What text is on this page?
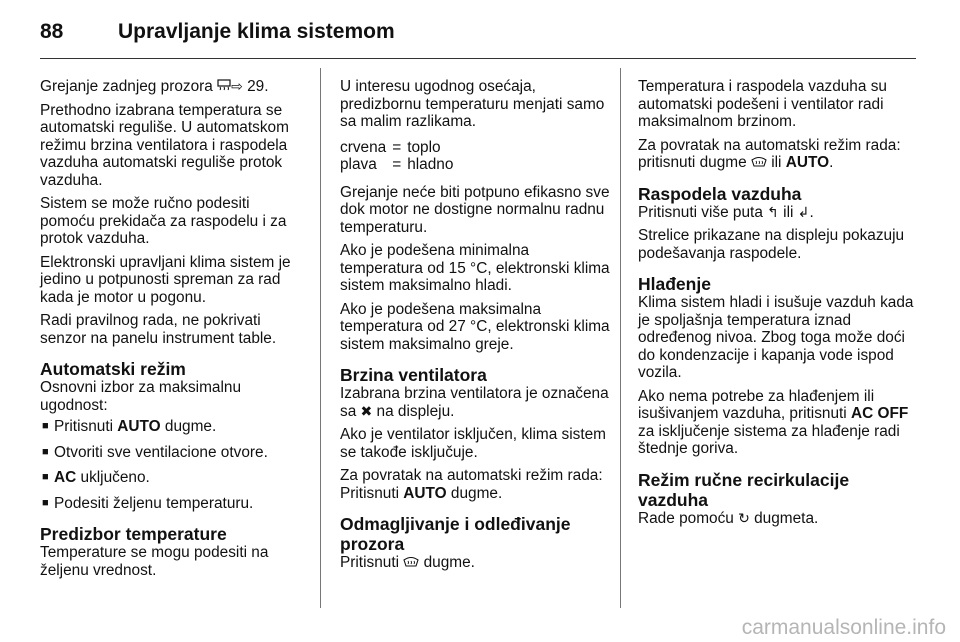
88	Upravljanje klima sistemom

Grejanje zadnjeg prozora ⇨ 29.

Prethodno izabrana temperatura se automatski reguliše. U automatskom režimu brzina ventilatora i raspodela vazduha automatski reguliše protok vazduha.

Sistem se može ručno podesiti pomoću prekidača za raspodelu i za protok vazduha.

Elektronski upravljani klima sistem je jedino u potpunosti spreman za rad kada je motor u pogonu.

Radi pravilnog rada, ne pokrivati senzor na panelu instrument table.

Automatski režim

Osnovni izbor za maksimalnu ugodnost:

■ Pritisnuti AUTO dugme.
■ Otvoriti sve ventilacione otvore.
■ AC uključeno.
■ Podesiti željenu temperaturu.
Predizbor temperature

Temperature se mogu podesiti na željenu vrednost.

U interesu ugodnog osećaja, predizbornu temperaturu menjati samo sa malim razlikama.

crvena	=	toplo
plava	=	hladno

Grejanje neće biti potpuno efikasno sve dok motor ne dostigne normalnu radnu temperaturu.

Ako je podešena minimalna temperatura od 15 °C, elektronski klima sistem maksimalno hladi.

Ako je podešena maksimalna temperatura od 27 °C, elektronski klima sistem maksimalno greje.

Brzina ventilatora

Izabrana brzina ventilatora je označena sa ✖ na displeju.

Ako je ventilator isključen, klima sistem se takođe isključuje.

Za povratak na automatski režim rada: Pritisnuti AUTO dugme.

Odmagljivanje i odleđivanje prozora

Pritisnuti  dugme.

Temperatura i raspodela vazduha su automatski podešeni i ventilator radi maksimalnom brzinom.

Za povratak na automatski režim rada: pritisnuti dugme  ili AUTO.

Raspodela vazduha

Pritisnuti više puta ↰ ili ↲.

Strelice prikazane na displeju pokazuju podešavanja raspodele.

Hlađenje

Klima sistem hladi i isušuje vazduh kada je spoljašnja temperatura iznad određenog nivoa. Zbog toga može doći do kondenzacije i kapanja vode ispod vozila.

Ako nema potrebe za hlađenjem ili isušivanjem vazduha, pritisnuti AC OFF za isključenje sistema za hlađenje radi štednje goriva.

Režim ručne recirkulacije vazduha

Rade pomoću ↻ dugmeta.

carmanualsonline.info
